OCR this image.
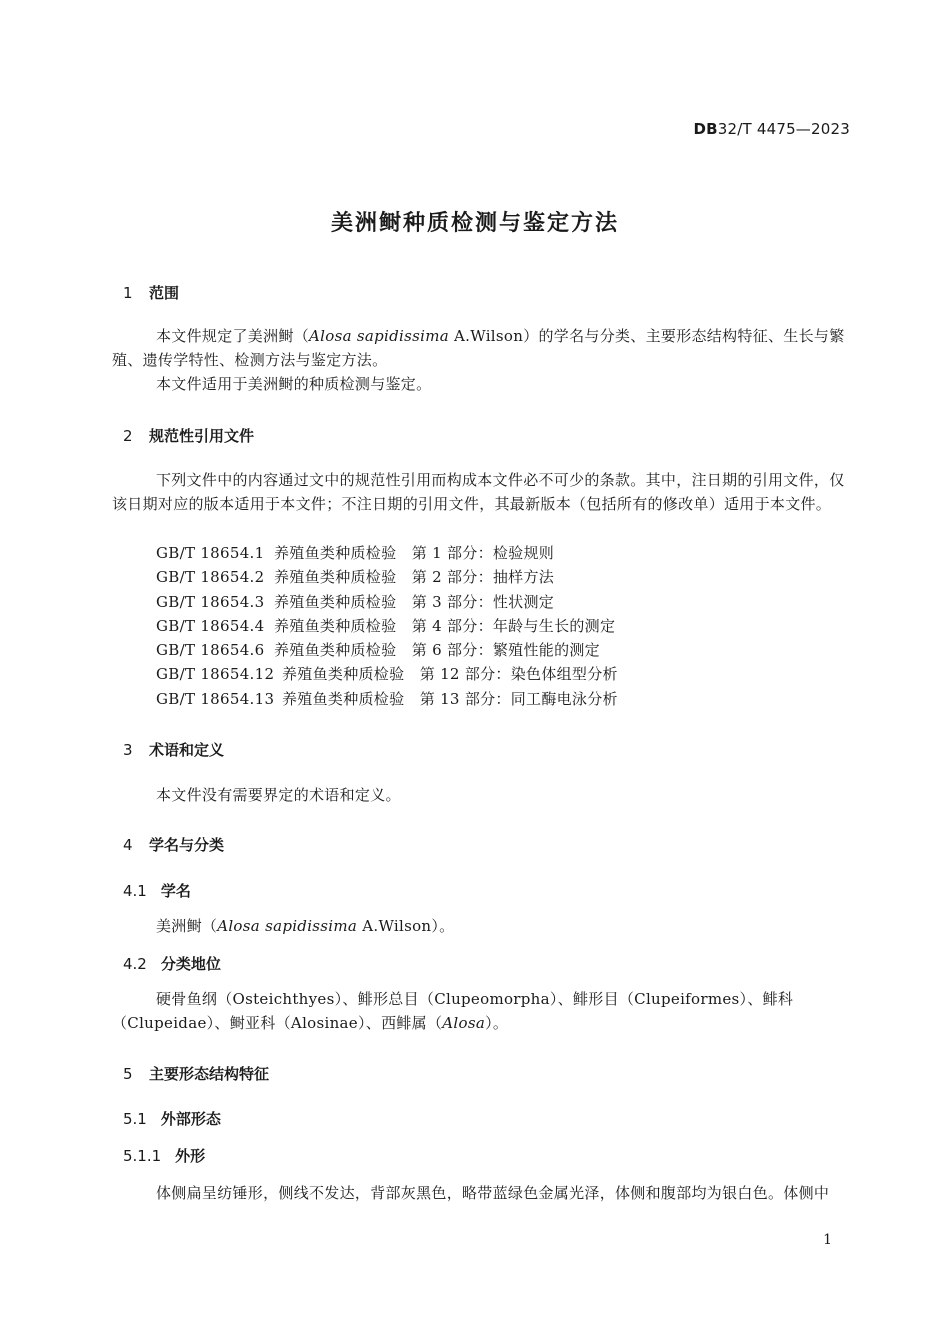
DB32/T 4475—2023
美洲鲥种质检测与鉴定方法
1 范围
本文件规定了美洲鲥（Alosa sapidissima A.Wilson）的学名与分类、主要形态结构特征、生长与繁殖、遗传学特性、检测方法与鉴定方法。
本文件适用于美洲鲥的种质检测与鉴定。
2 规范性引用文件
下列文件中的内容通过文中的规范性引用而构成本文件必不可少的条款。其中，注日期的引用文件，仅该日期对应的版本适用于本文件；不注日期的引用文件，其最新版本（包括所有的修改单）适用于本文件。
GB/T 18654.1 养殖鱼类种质检验　第 1 部分：检验规则
GB/T 18654.2 养殖鱼类种质检验　第 2 部分：抽样方法
GB/T 18654.3 养殖鱼类种质检验　第 3 部分：性状测定
GB/T 18654.4 养殖鱼类种质检验　第 4 部分：年龄与生长的测定
GB/T 18654.6 养殖鱼类种质检验　第 6 部分：繁殖性能的测定
GB/T 18654.12 养殖鱼类种质检验　第 12 部分：染色体组型分析
GB/T 18654.13 养殖鱼类种质检验　第 13 部分：同工酶电泳分析
3 术语和定义
本文件没有需要界定的术语和定义。
4 学名与分类
4.1 学名
美洲鲥（Alosa sapidissima A.Wilson）。
4.2 分类地位
硬骨鱼纲（Osteichthyes）、鲱形总目（Clupeomorpha）、鲱形目（Clupeiformes）、鲱科（Clupeidae）、鲥亚科（Alosinae）、西鲱属（Alosa）。
5 主要形态结构特征
5.1 外部形态
5.1.1 外形
体侧扁呈纺锤形，侧线不发达，背部灰黑色，略带蓝绿色金属光泽，体侧和腹部均为银白色。体侧中
1
